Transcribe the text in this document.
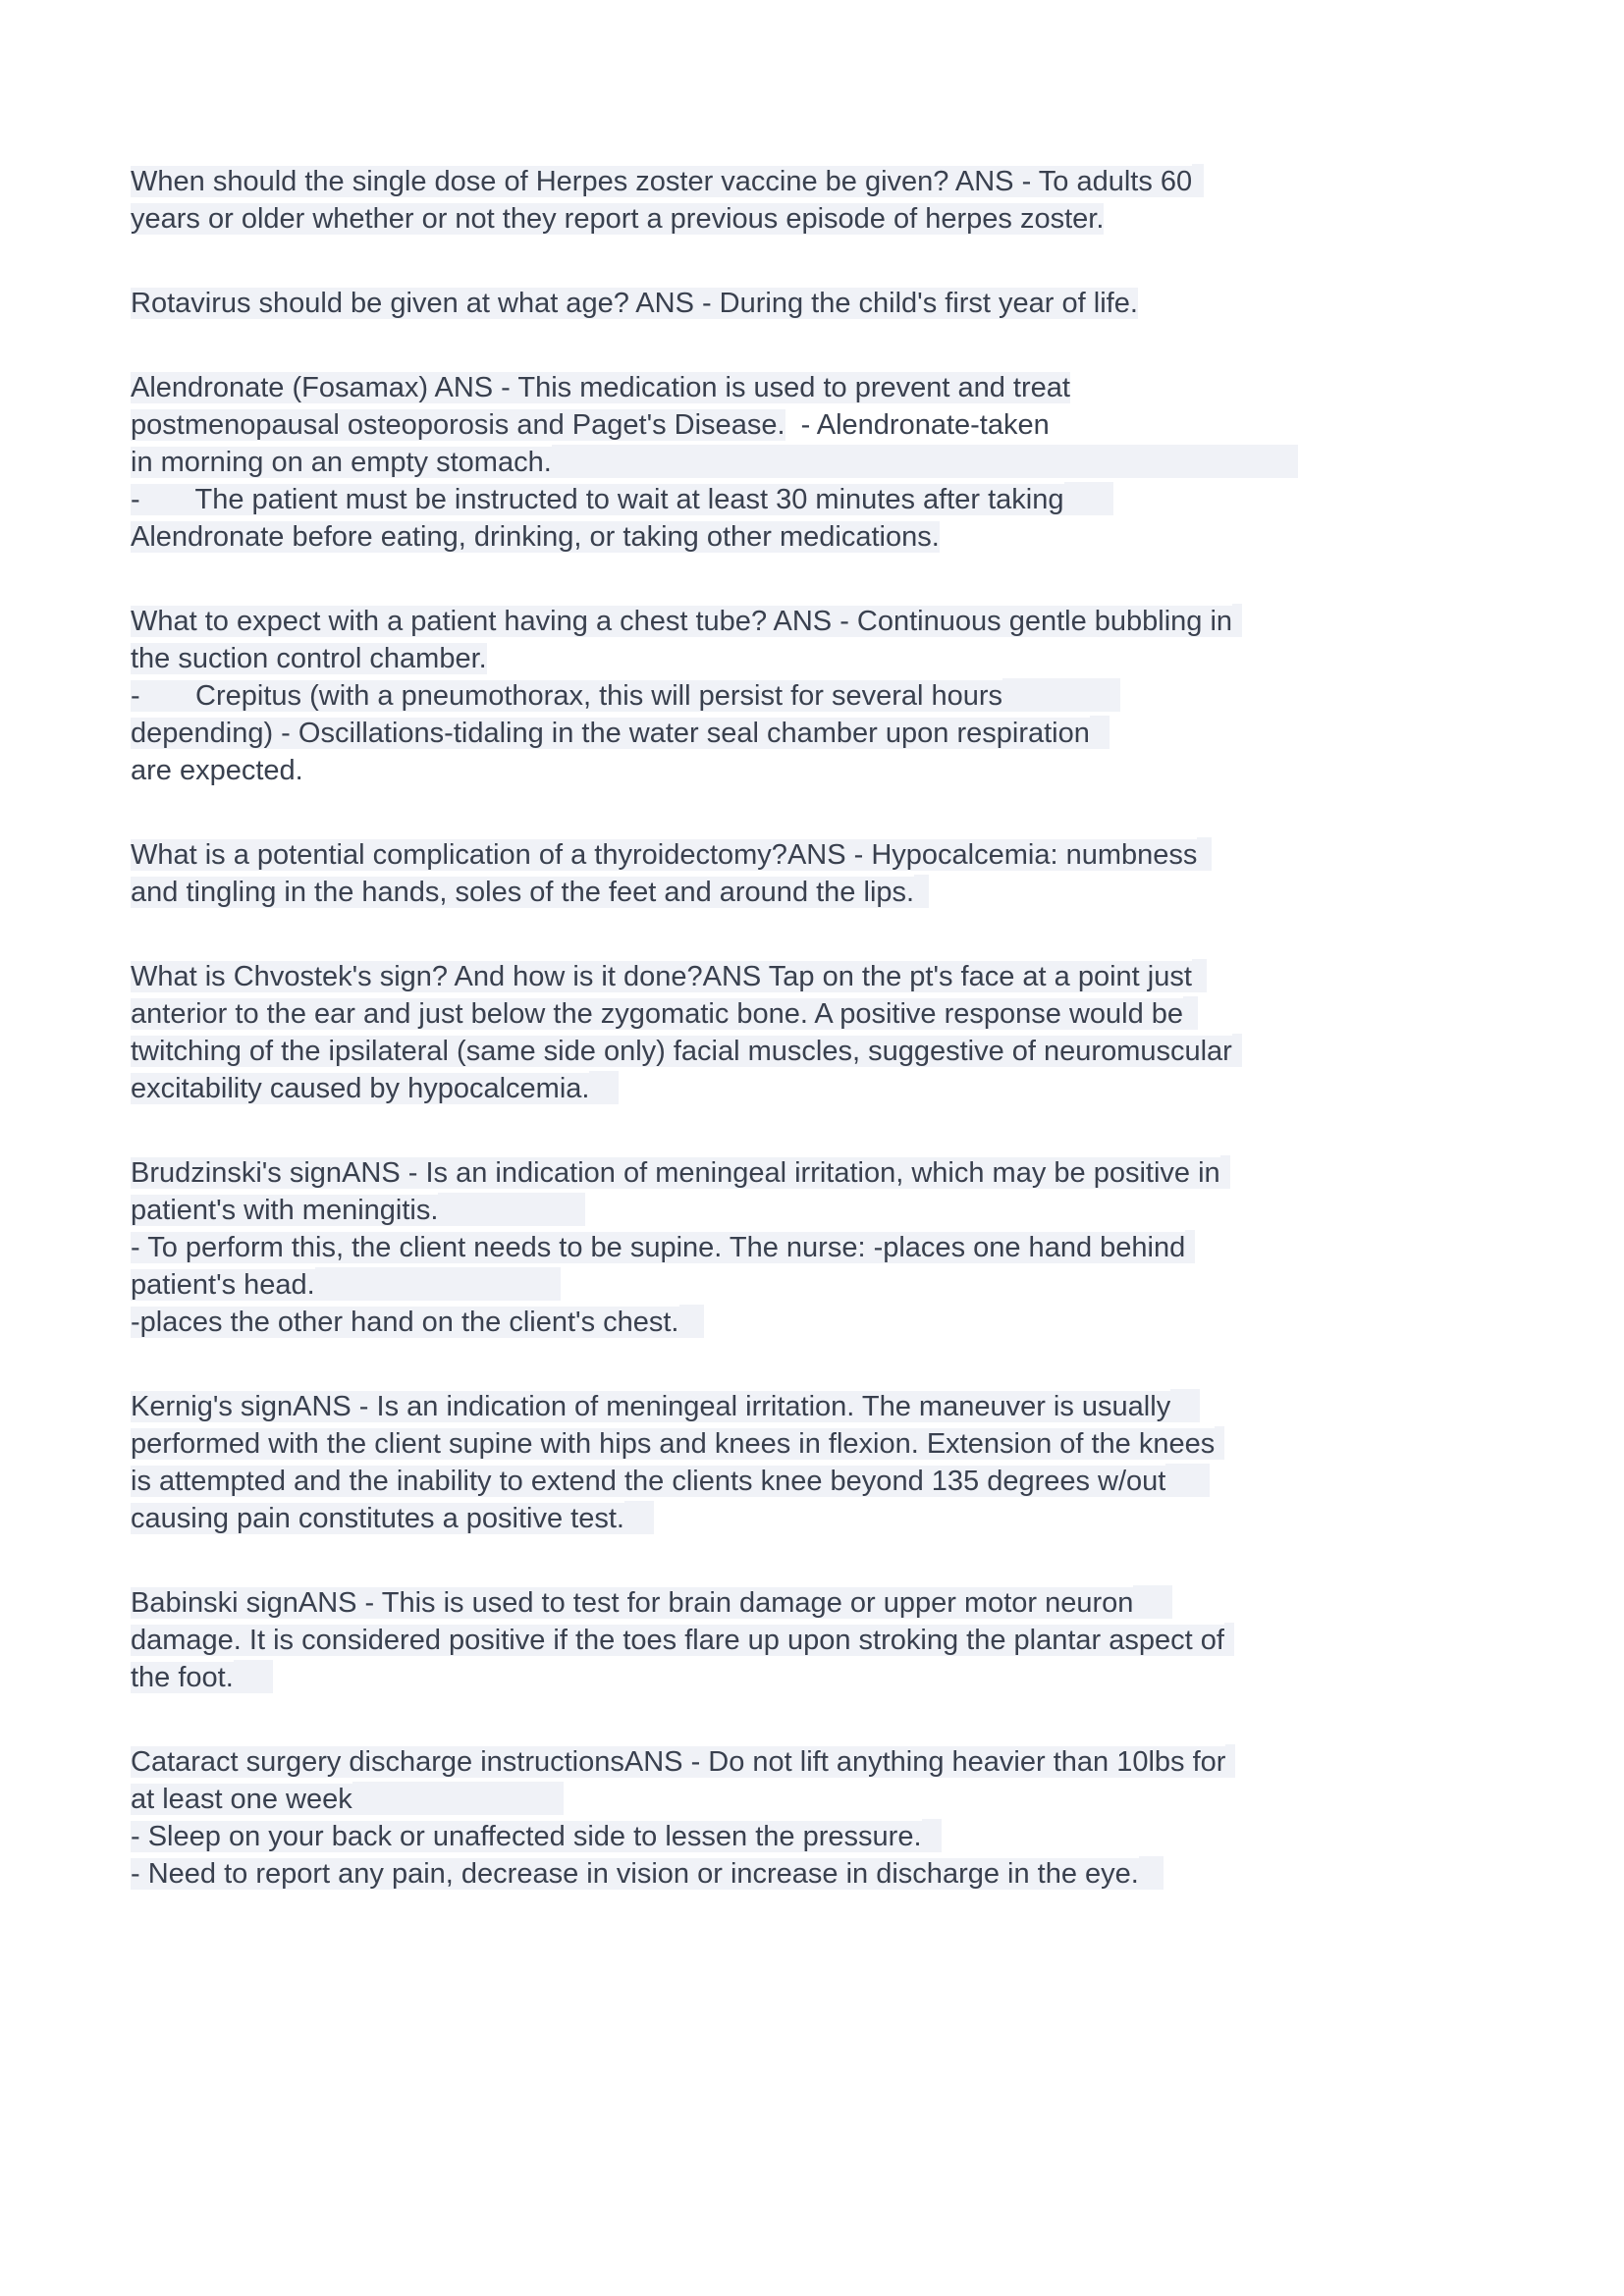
When should the single dose of Herpes zoster vaccine be given? ANS - To adults 60
years or older whether or not they report a previous episode of herpes zoster.
Rotavirus should be given at what age? ANS - During the child's first year of life.
Alendronate (Fosamax) ANS - This medication is used to prevent and treat
postmenopausal osteoporosis and Paget's Disease.  - Alendronate-taken
in morning on an empty stomach.
-       The patient must be instructed to wait at least 30 minutes after taking
Alendronate before eating, drinking, or taking other medications.
What to expect with a patient having a chest tube? ANS - Continuous gentle bubbling in
the suction control chamber.
-       Crepitus (with a pneumothorax, this will persist for several hours
depending) - Oscillations-tidaling in the water seal chamber upon respiration
are expected.
What is a potential complication of a thyroidectomy?ANS - Hypocalcemia: numbness
and tingling in the hands, soles of the feet and around the lips.
What is Chvostek's sign? And how is it done?ANS Tap on the pt's face at a point just
anterior to the ear and just below the zygomatic bone. A positive response would be
twitching of the ipsilateral (same side only) facial muscles, suggestive of neuromuscular
excitability caused by hypocalcemia.
Brudzinski's signANS - Is an indication of meningeal irritation, which may be positive in
patient's with meningitis.
- To perform this, the client needs to be supine. The nurse: -places one hand behind
patient's head.
-places the other hand on the client's chest.
Kernig's signANS - Is an indication of meningeal irritation. The maneuver is usually
performed with the client supine with hips and knees in flexion. Extension of the knees
is attempted and the inability to extend the clients knee beyond 135 degrees w/out
causing pain constitutes a positive test.
Babinski signANS - This is used to test for brain damage or upper motor neuron
damage. It is considered positive if the toes flare up upon stroking the plantar aspect of
the foot.
Cataract surgery discharge instructionsANS - Do not lift anything heavier than 10lbs for
at least one week
- Sleep on your back or unaffected side to lessen the pressure.
- Need to report any pain, decrease in vision or increase in discharge in the eye.
